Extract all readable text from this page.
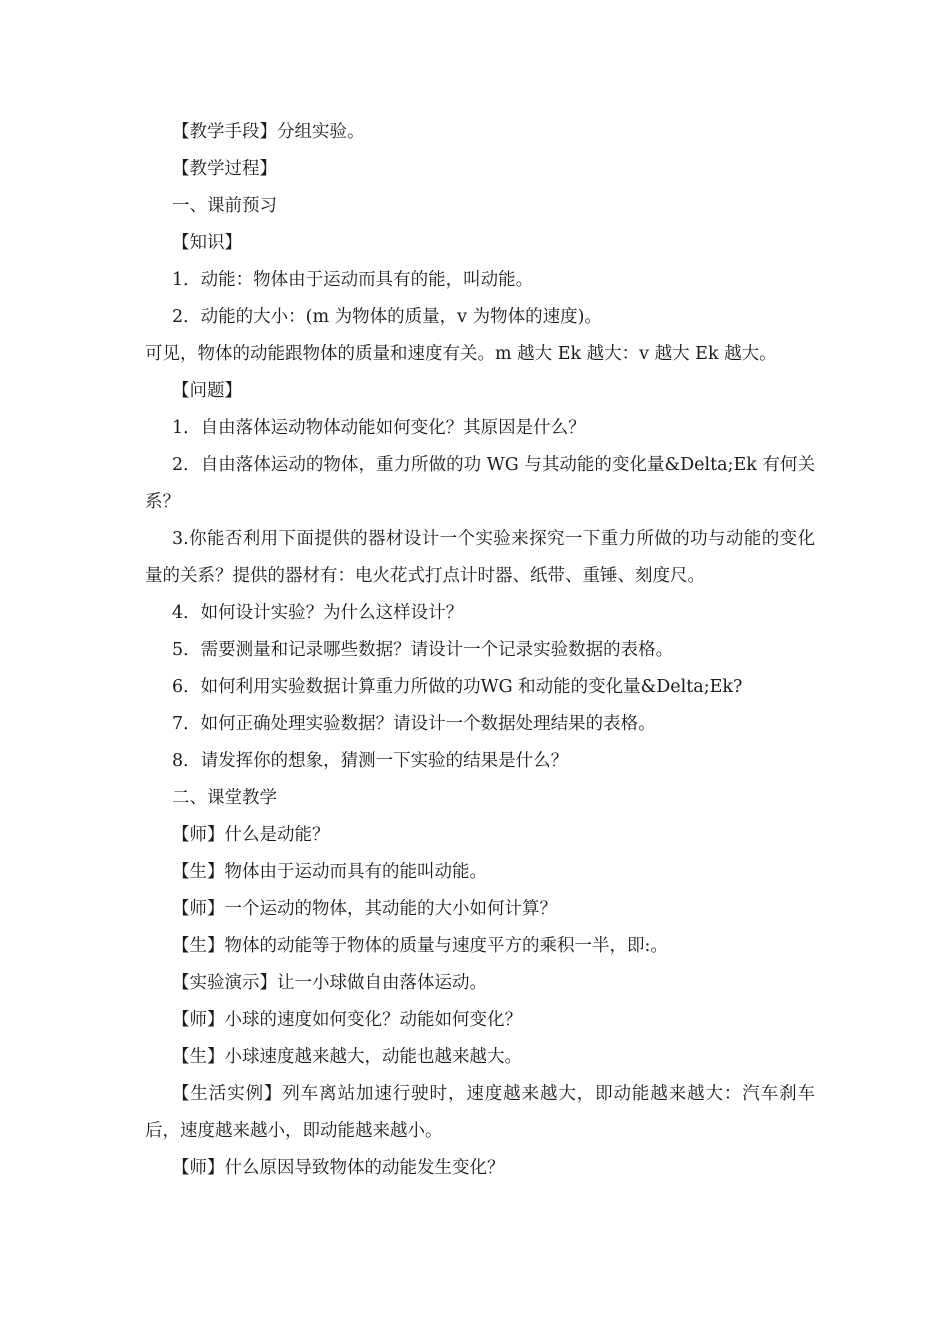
【教学手段】分组实验。

【教学过程】

一、课前预习

【知识】

1．动能：物体由于运动而具有的能，叫动能。

2．动能的大小：(m 为物体的质量，v 为物体的速度)。

可见，物体的动能跟物体的质量和速度有关。m 越大 Ek 越大：v 越大 Ek 越大。

【问题】

1．自由落体运动物体动能如何变化？其原因是什么？

2．自由落体运动的物体，重力所做的功 WG 与其动能的变化量&Delta;Ek 有何关系？

3.你能否利用下面提供的器材设计一个实验来探究一下重力所做的功与动能的变化量的关系？提供的器材有：电火花式打点计时器、纸带、重锤、刻度尺。

4．如何设计实验？为什么这样设计？

5．需要测量和记录哪些数据？请设计一个记录实验数据的表格。

6．如何利用实验数据计算重力所做的功WG 和动能的变化量&Delta;Ek?

7．如何正确处理实验数据？请设计一个数据处理结果的表格。

8．请发挥你的想象，猜测一下实验的结果是什么？

二、课堂教学

【师】什么是动能？

【生】物体由于运动而具有的能叫动能。

【师】一个运动的物体，其动能的大小如何计算？

【生】物体的动能等于物体的质量与速度平方的乘积一半，即:。

【实验演示】让一小球做自由落体运动。

【师】小球的速度如何变化？动能如何变化？

【生】小球速度越来越大，动能也越来越大。

【生活实例】列车离站加速行驶时，速度越来越大，即动能越来越大：汽车刹车后，速度越来越小，即动能越来越小。

【师】什么原因导致物体的动能发生变化？
